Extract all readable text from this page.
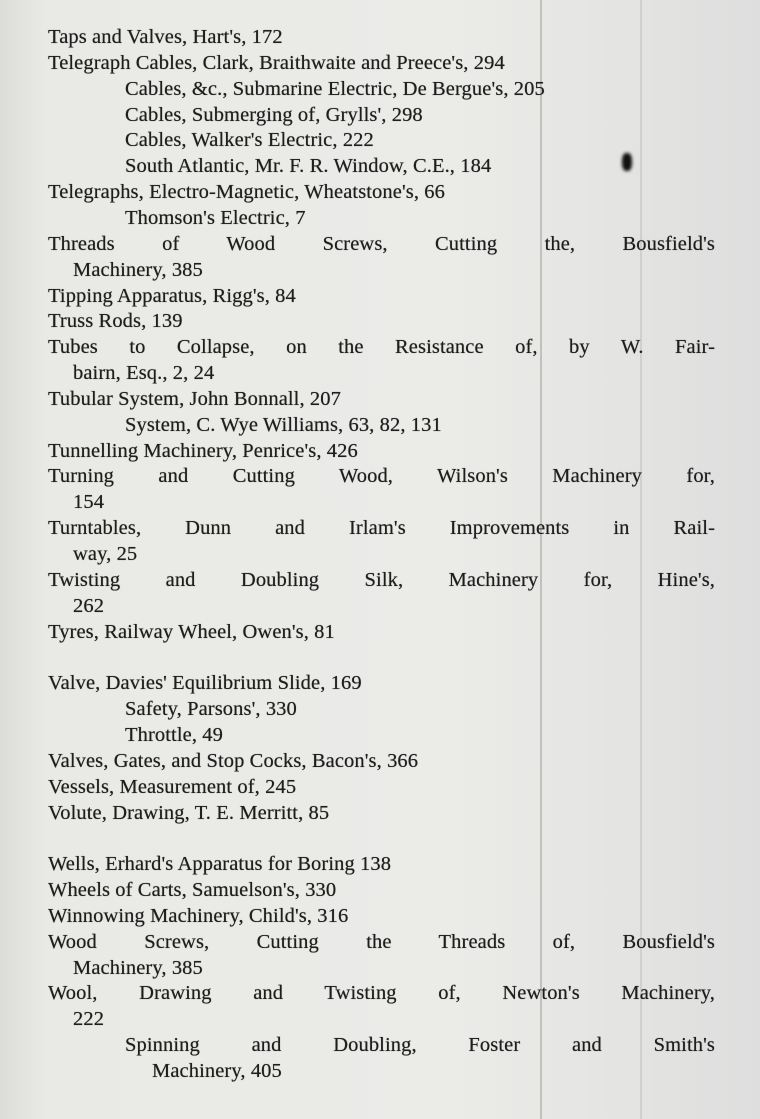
Taps and Valves, Hart's, 172
Telegraph Cables, Clark, Braithwaite and Preece's, 294
Cables, &c., Submarine Electric, De Bergue's, 205
Cables, Submerging of, Grylls', 298
Cables, Walker's Electric, 222
South Atlantic, Mr. F. R. Window, C.E., 184
Telegraphs, Electro-Magnetic, Wheatstone's, 66
Thomson's Electric, 7
Threads of Wood Screws, Cutting the, Bousfield's
Machinery, 385
Tipping Apparatus, Rigg's, 84
Truss Rods, 139
Tubes to Collapse, on the Resistance of, by W. Fair-
bairn, Esq., 2, 24
Tubular System, John Bonnall, 207
System, C. Wye Williams, 63, 82, 131
Tunnelling Machinery, Penrice's, 426
Turning and Cutting Wood, Wilson's Machinery for,
154
Turntables, Dunn and Irlam's Improvements in Rail-
way, 25
Twisting and Doubling Silk, Machinery for, Hine's,
262
Tyres, Railway Wheel, Owen's, 81
Valve, Davies' Equilibrium Slide, 169
Safety, Parsons', 330
Throttle, 49
Valves, Gates, and Stop Cocks, Bacon's, 366
Vessels, Measurement of, 245
Volute, Drawing, T. E. Merritt, 85
Wells, Erhard's Apparatus for Boring 138
Wheels of Carts, Samuelson's, 330
Winnowing Machinery, Child's, 316
Wood Screws, Cutting the Threads of, Bousfield's
Machinery, 385
Wool, Drawing and Twisting of, Newton's Machinery,
222
Spinning and Doubling, Foster and Smith's
Machinery, 405
